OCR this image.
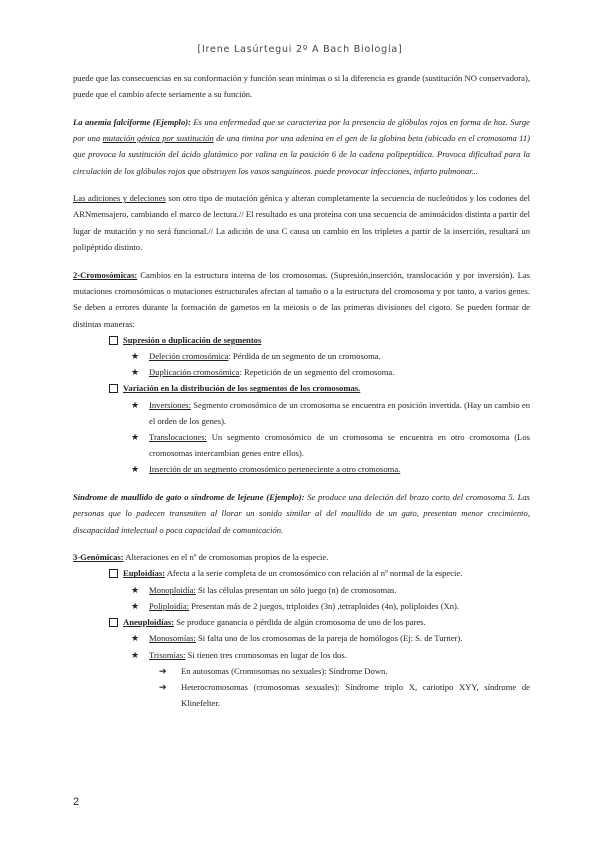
[Irene Lasúrtegui 2º A Bach Biología]

puede que las consecuencias en su conformación y función sean mínimas o si la diferencia es grande (sustitución NO conservadora), puede que el cambio afecte seriamente a su función.

La anemia falciforme (Ejemplo): Es una enfermedad que se caracteriza por la presencia de glóbulos rojos en forma de hoz. Surge por una mutación génica por sustitución de una timina por una adenina en el gen de la globina beta (ubicado en el cromosoma 11) que provoca la sustitución del ácido glutámico por valina en la posición 6 de la cadena polipeptídica. Provoca dificultad para la circulación de los glóbulos rojos que obstruyen los vasos sanguíneos. puede provocar infecciones, infarto pulmonar...

Las adiciones y deleciones son otro tipo de mutación génica y alteran completamente la secuencia de nucleótidos y los codones del ARNmensajero, cambiando el marco de lectura.// El resultado es una proteína con una secuencia de aminoácidos distinta a partir del lugar de mutación y no será funcional.// La adición de una C causa un cambio en los tripletes a partir de la inserción, resultará un polipéptido distinto.

2-Cromosómicas: Cambios en la estructura interna de los cromosomas. (Supresión,inserción, translocación y por inversión). Las mutaciones cromosómicas o mutaciones estructurales afectan al tamaño o a la estructura del cromosoma y por tanto, a varios genes. Se deben a errores durante la formación de gametos en la meiosis o de las primeras divisiones del cigoto. Se pueden formar de distintas maneras:

Supresión o duplicación de segmentos
★ Deleción cromosómica: Pérdida de un segmento de un cromosoma.
★ Duplicación cromosómica: Repetición de un segmento del cromosoma.
Variación en la distribución de los segmentos de los cromosomas.
★ Inversiones: Segmento cromosómico de un cromosoma se encuentra en posición invertida. (Hay un cambio en el orden de los genes).

★ Translocaciones: Un segmento cromosómico de un cromosoma se encuentra en otro cromosoma (Los cromosomas intercambian genes entre ellos).

★ Inserción de un segmento cromosómico perteneciente a otro cromosoma.

Síndrome de maullido de gato o síndrome de lejeune (Ejemplo): Se produce una deleción del brazo corto del cromosoma 5. Las personas que lo padecen transmiten al llorar un sonido similar al del maullido de un gato, presentan menor crecimiento, discapacidad intelectual o poca capacidad de comunicación.

3-Genómicas: Alteraciones en el nº de cromosomas propios de la especie.

Euploidías: Afecta a la serie completa de un cromosómico con relación al nº normal de la especie.
★ Monoploidía: Si las células presentan un sólo juego (n) de cromosomas.
★ Poliploidía: Presentan más de 2 juegos, triploides (3n) ,tetraploides (4n), poliploides (Xn).
Aneuploidías: Se produce ganancia o pérdida de algún cromosoma de uno de los pares.
★ Monosomías: Si falta uno de los cromosomas de la pareja de homólogos (Ej: S. de Turner).
★ Trisomías: Si tienen tres cromosomas en lugar de los dos.
➔ En autosomas (Cromosomas no sexuales): Síndrome Down.
➔ Heterocromosomas (cromosomas sexuales): Síndrome triplo X, cariotipo XYY, síndrome de Klinefelter.

2
